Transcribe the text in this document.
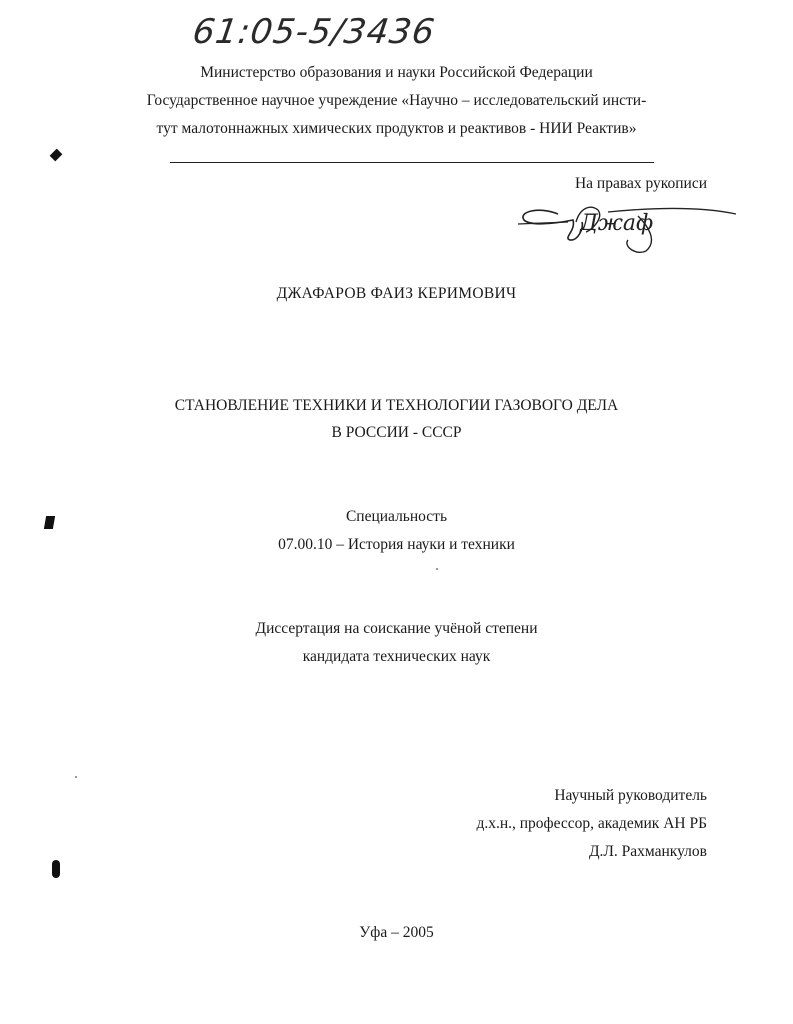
61:05-5/3436
Министерство образования и науки Российской Федерации
Государственное научное учреждение «Научно – исследовательский инсти-
тут малотоннажных химических продуктов и реактивов - НИИ Реактив»
На правах рукописи
Джаф
ДЖАФАРОВ ФАИЗ КЕРИМОВИЧ
СТАНОВЛЕНИЕ ТЕХНИКИ И ТЕХНОЛОГИИ ГАЗОВОГО ДЕЛА
В РОССИИ - СССР
Специальность
07.00.10 – История науки и техники
Диссертация на соискание учёной степени
кандидата технических наук
Научный руководитель
д.х.н., профессор, академик АН РБ
Д.Л. Рахманкулов
Уфа – 2005
